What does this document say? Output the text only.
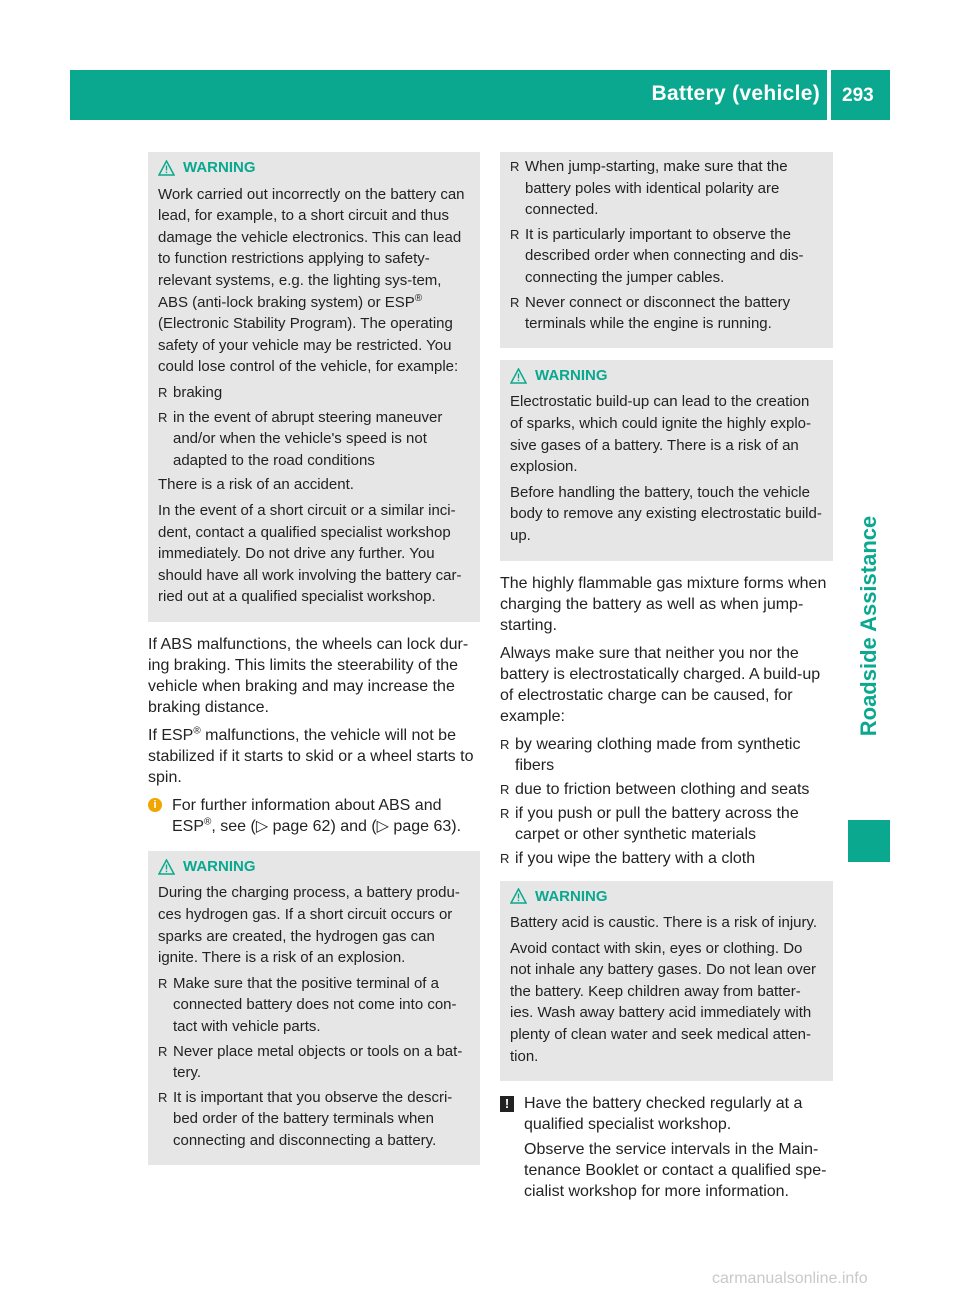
Battery (vehicle) 293
Roadside Assistance
WARNING

Work carried out incorrectly on the battery can lead, for example, to a short circuit and thus damage the vehicle electronics. This can lead to function restrictions applying to safety-relevant systems, e.g. the lighting sys-tem, ABS (anti-lock braking system) or ESP® (Electronic Stability Program). The operating safety of your vehicle may be restricted. You could lose control of the vehicle, for example:

R braking
R in the event of abrupt steering maneuver and/or when the vehicle's speed is not adapted to the road conditions

There is a risk of an accident.

In the event of a short circuit or a similar inci-dent, contact a qualified specialist workshop immediately. Do not drive any further. You should have all work involving the battery car-ried out at a qualified specialist workshop.

If ABS malfunctions, the wheels can lock dur-ing braking. This limits the steerability of the vehicle when braking and may increase the braking distance.

If ESP® malfunctions, the vehicle will not be stabilized if it starts to skid or a wheel starts to spin.

i For further information about ABS and ESP®, see (▷ page 62) and (▷ page 63).
WARNING

During the charging process, a battery produ-ces hydrogen gas. If a short circuit occurs or sparks are created, the hydrogen gas can ignite. There is a risk of an explosion.

R Make sure that the positive terminal of a connected battery does not come into con-tact with vehicle parts.
R Never place metal objects or tools on a bat-tery.
R It is important that you observe the descri-bed order of the battery terminals when connecting and disconnecting a battery.
R When jump-starting, make sure that the battery poles with identical polarity are connected.
R It is particularly important to observe the described order when connecting and dis-connecting the jumper cables.
R Never connect or disconnect the battery terminals while the engine is running.
WARNING

Electrostatic build-up can lead to the creation of sparks, which could ignite the highly explo-sive gases of a battery. There is a risk of an explosion.

Before handling the battery, touch the vehicle body to remove any existing electrostatic build-up.

The highly flammable gas mixture forms when charging the battery as well as when jump-starting.

Always make sure that neither you nor the battery is electrostatically charged. A build-up of electrostatic charge can be caused, for example:

R by wearing clothing made from synthetic fibers
R due to friction between clothing and seats
R if you push or pull the battery across the carpet or other synthetic materials
R if you wipe the battery with a cloth
WARNING

Battery acid is caustic. There is a risk of injury.

Avoid contact with skin, eyes or clothing. Do not inhale any battery gases. Do not lean over the battery. Keep children away from batter-ies. Wash away battery acid immediately with plenty of clean water and seek medical atten-tion.

! Have the battery checked regularly at a qualified specialist workshop.
Observe the service intervals in the Main-tenance Booklet or contact a qualified spe-cialist workshop for more information.
carmanualsonline.info
